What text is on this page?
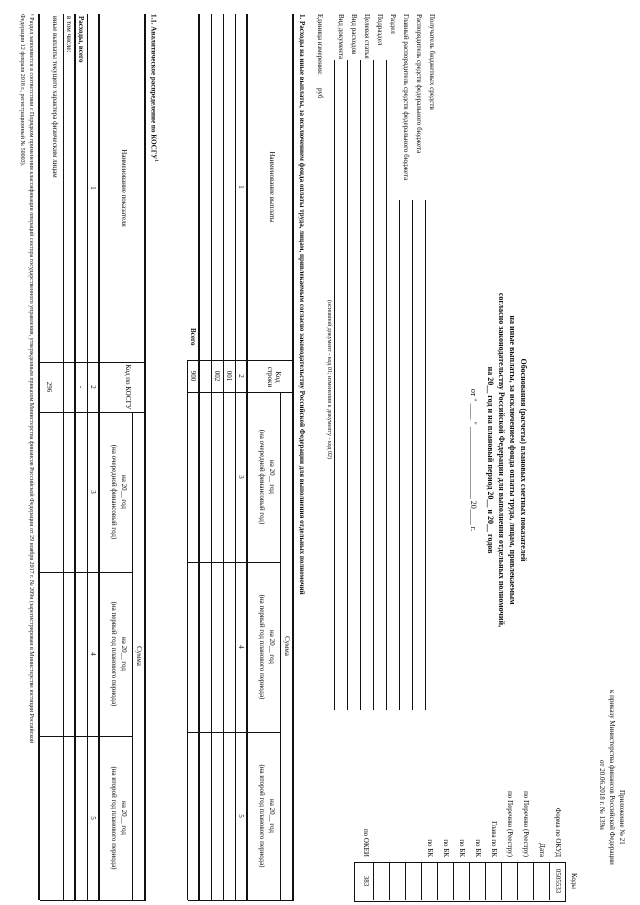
Приложение № 21
к приказу Министерства финансов Российской Федерации
от 20.06.2018 г. № 139н
Обоснования (расчеты) плановых сметных показателей
на иные выплаты, за исключением фонда оплаты труда, лицам, привлекаемым
согласно законодательству Российской Федерации для выполнения отдельных полномочий,
на 20__ год и на плановый период 20__ и 20__ годов
от " ____ " __________________ 20____ г.
Коды
0505533
383
Форма по ОКУД
Дата
по Перечню (Реестру)
по Перечню (Реестру)
Глава по БК
по БК
по БК
по БК
по БК
по ОКЕИ
Получатель бюджетных средств
Распорядитель средств федерального бюджета
Главный распорядитель средств федерального бюджета
Раздел
Подраздел
Целевая статья
Вид расходов
Вид документа
(основной документ - код 01; изменения к документу - код 02)
Единица измерения:
руб
1. Расходы на иные выплаты, за исключением фонда оплаты труда, лицам, привлекаемым согласно законодательству Российской Федерации для выполнения отдельных полномочий
Наименование выплаты
Код строки
Сумма
на 20__ год
(на очередной финансовый год)
на 20__ год
(на первый год планового периода)
на 20__ год
(на второй год планового периода)
1
2
3
4
5
001
002
Всего
900
1.1. Аналитическое распределение по КОСГУ$^1$
Наименование показателя
Код по КОСГУ
Сумма
на 20__ год
(на очередной финансовый год)
на 20__ год
(на первый год планового периода)
на 20__ год
(на второй год планового периода)
1
2
3
4
5
Расходы, всего
-
в том числе:
иные выплаты текущего характера физическим лицам
296
¹ Раздел заполняется в соответствии с Порядком применения классификации операций сектора государственного управления, утвержденным приказом Министерства финансов Российской Федерации от 29 ноября 2017 г. № 209н (зарегистрирован в Министерстве юстиции Российской
Федерации 12 февраля 2018 г., регистрационный № 50003).
